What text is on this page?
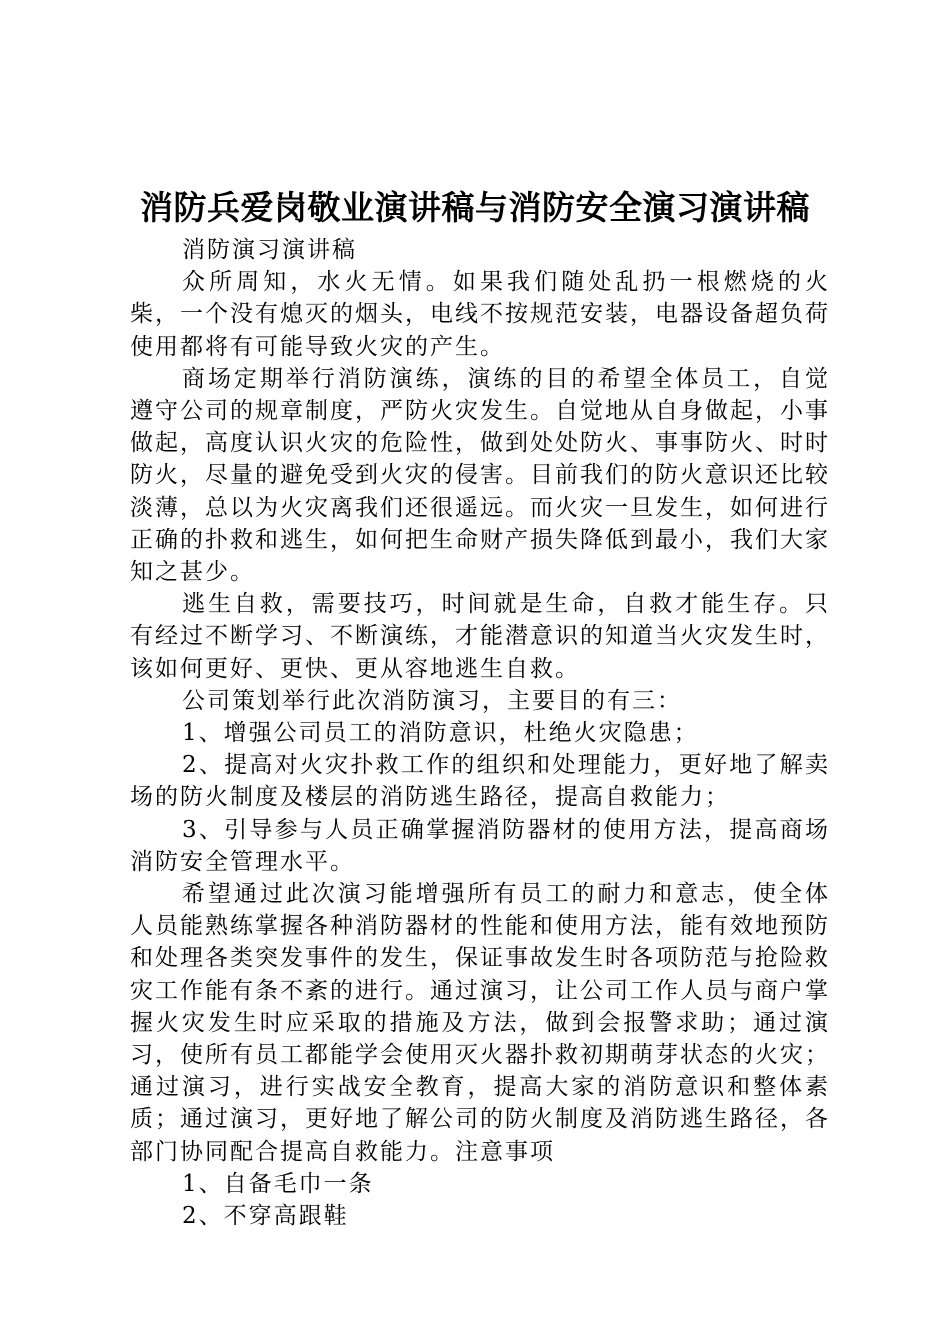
消防兵爱岗敬业演讲稿与消防安全演习演讲稿

消防演习演讲稿

众所周知，水火无情。如果我们随处乱扔一根燃烧的火柴，一个没有熄灭的烟头，电线不按规范安装，电器设备超负荷使用都将有可能导致火灾的产生。

商场定期举行消防演练，演练的目的希望全体员工，自觉遵守公司的规章制度，严防火灾发生。自觉地从自身做起，小事做起，高度认识火灾的危险性，做到处处防火、事事防火、时时防火，尽量的避免受到火灾的侵害。目前我们的防火意识还比较淡薄，总以为火灾离我们还很遥远。而火灾一旦发生，如何进行正确的扑救和逃生，如何把生命财产损失降低到最小，我们大家知之甚少。

逃生自救，需要技巧，时间就是生命，自救才能生存。只有经过不断学习、不断演练，才能潜意识的知道当火灾发生时，该如何更好、更快、更从容地逃生自救。

公司策划举行此次消防演习，主要目的有三：

1、增强公司员工的消防意识，杜绝火灾隐患；

2、提高对火灾扑救工作的组织和处理能力，更好地了解卖场的防火制度及楼层的消防逃生路径，提高自救能力；

3、引导参与人员正确掌握消防器材的使用方法，提高商场消防安全管理水平。

希望通过此次演习能增强所有员工的耐力和意志，使全体人员能熟练掌握各种消防器材的性能和使用方法，能有效地预防和处理各类突发事件的发生，保证事故发生时各项防范与抢险救灾工作能有条不紊的进行。通过演习，让公司工作人员与商户掌握火灾发生时应采取的措施及方法，做到会报警求助；通过演习，使所有员工都能学会使用灭火器扑救初期萌芽状态的火灾；通过演习，进行实战安全教育，提高大家的消防意识和整体素质；通过演习，更好地了解公司的防火制度及消防逃生路径，各部门协同配合提高自救能力。注意事项

1、自备毛巾一条

2、不穿高跟鞋
